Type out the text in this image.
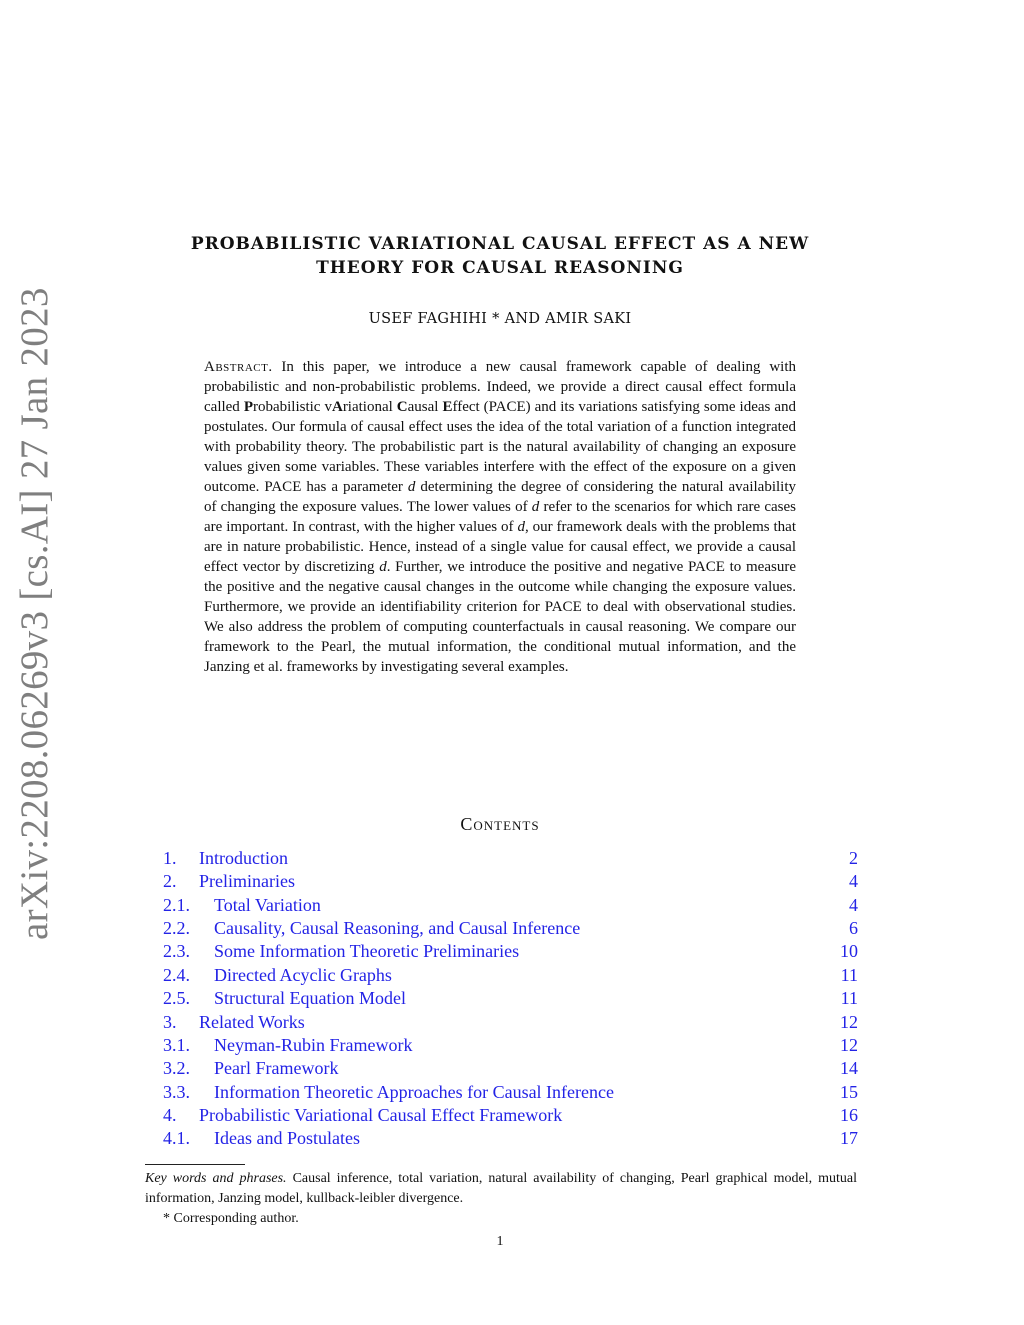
arXiv:2208.06269v3 [cs.AI] 27 Jan 2023
PROBABILISTIC VARIATIONAL CAUSAL EFFECT AS A NEW
THEORY FOR CAUSAL REASONING
USEF FAGHIHI * AND AMIR SAKI

Abstract. In this paper, we introduce a new causal framework capable of dealing with probabilistic and non-probabilistic problems. Indeed, we provide a direct causal effect formula called Probabilistic vAriational Causal Effect (PACE) and its variations satisfying some ideas and postulates. Our formula of causal effect uses the idea of the total variation of a function integrated with probability theory. The probabilistic part is the natural availability of changing an exposure values given some variables. These variables interfere with the effect of the exposure on a given outcome. PACE has a parameter d determining the degree of considering the natural availability of changing the exposure values. The lower values of d refer to the scenarios for which rare cases are important. In contrast, with the higher values of d, our framework deals with the problems that are in nature probabilistic. Hence, instead of a single value for causal effect, we provide a causal effect vector by discretizing d. Further, we introduce the positive and negative PACE to measure the positive and the negative causal changes in the outcome while changing the exposure values. Furthermore, we provide an identifiability criterion for PACE to deal with observational studies. We also address the problem of computing counterfactuals in causal reasoning. We compare our framework to the Pearl, the mutual information, the conditional mutual information, and the Janzing et al. frameworks by investigating several examples.

Contents
1.	Introduction	2
2.	Preliminaries	4
2.1.	Total Variation	4
2.2.	Causality, Causal Reasoning, and Causal Inference	6
2.3.	Some Information Theoretic Preliminaries	10
2.4.	Directed Acyclic Graphs	11
2.5.	Structural Equation Model	11
3.	Related Works	12
3.1.	Neyman-Rubin Framework	12
3.2.	Pearl Framework	14
3.3.	Information Theoretic Approaches for Causal Inference	15
4.	Probabilistic Variational Causal Effect Framework	16
4.1.	Ideas and Postulates	17
Key words and phrases. Causal inference, total variation, natural availability of changing, Pearl graphical model, mutual information, Janzing model, kullback-leibler divergence.
* Corresponding author.
1
